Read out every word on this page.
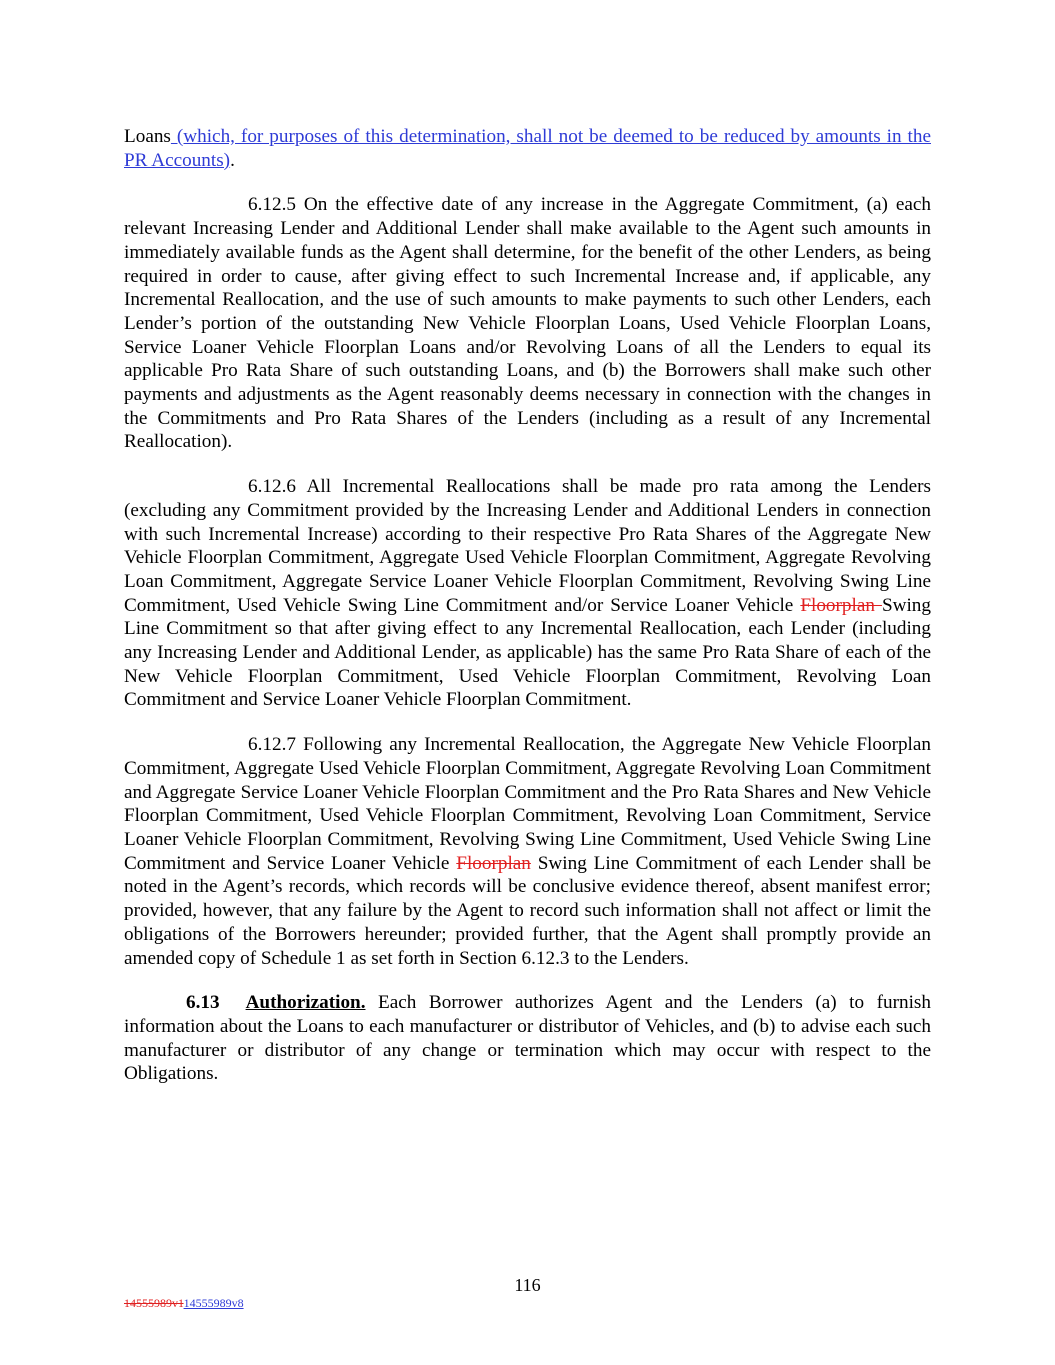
Loans (which, for purposes of this determination, shall not be deemed to be reduced by amounts in the PR Accounts).

6.12.5 On the effective date of any increase in the Aggregate Commitment, (a) each relevant Increasing Lender and Additional Lender shall make available to the Agent such amounts in immediately available funds as the Agent shall determine, for the benefit of the other Lenders, as being required in order to cause, after giving effect to such Incremental Increase and, if applicable, any Incremental Reallocation, and the use of such amounts to make payments to such other Lenders, each Lender’s portion of the outstanding New Vehicle Floorplan Loans, Used Vehicle Floorplan Loans, Service Loaner Vehicle Floorplan Loans and/or Revolving Loans of all the Lenders to equal its applicable Pro Rata Share of such outstanding Loans, and (b) the Borrowers shall make such other payments and adjustments as the Agent reasonably deems necessary in connection with the changes in the Commitments and Pro Rata Shares of the Lenders (including as a result of any Incremental Reallocation).

6.12.6 All Incremental Reallocations shall be made pro rata among the Lenders (excluding any Commitment provided by the Increasing Lender and Additional Lenders in connection with such Incremental Increase) according to their respective Pro Rata Shares of the Aggregate New Vehicle Floorplan Commitment, Aggregate Used Vehicle Floorplan Commitment, Aggregate Revolving Loan Commitment, Aggregate Service Loaner Vehicle Floorplan Commitment, Revolving Swing Line Commitment, Used Vehicle Swing Line Commitment and/or Service Loaner Vehicle Floorplan Swing Line Commitment so that after giving effect to any Incremental Reallocation, each Lender (including any Increasing Lender and Additional Lender, as applicable) has the same Pro Rata Share of each of the New Vehicle Floorplan Commitment, Used Vehicle Floorplan Commitment, Revolving Loan Commitment and Service Loaner Vehicle Floorplan Commitment.

6.12.7 Following any Incremental Reallocation, the Aggregate New Vehicle Floorplan Commitment, Aggregate Used Vehicle Floorplan Commitment, Aggregate Revolving Loan Commitment and Aggregate Service Loaner Vehicle Floorplan Commitment and the Pro Rata Shares and New Vehicle Floorplan Commitment, Used Vehicle Floorplan Commitment, Revolving Loan Commitment, Service Loaner Vehicle Floorplan Commitment, Revolving Swing Line Commitment, Used Vehicle Swing Line Commitment and Service Loaner Vehicle Floorplan Swing Line Commitment of each Lender shall be noted in the Agent’s records, which records will be conclusive evidence thereof, absent manifest error; provided, however, that any failure by the Agent to record such information shall not affect or limit the obligations of the Borrowers hereunder; provided further, that the Agent shall promptly provide an amended copy of Schedule 1 as set forth in Section 6.12.3 to the Lenders.

6.13 Authorization. Each Borrower authorizes Agent and the Lenders (a) to furnish information about the Loans to each manufacturer or distributor of Vehicles, and (b) to advise each such manufacturer or distributor of any change or termination which may occur with respect to the Obligations.

116
14555989v114555989v8
